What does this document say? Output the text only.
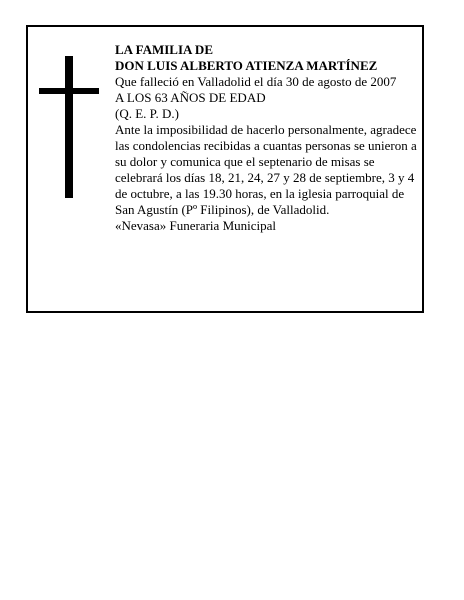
LA FAMILIA DE

DON LUIS ALBERTO ATIENZA MARTÍNEZ

Que falleció en Valladolid el día 30 de agosto de 2007

A LOS 63 AÑOS DE EDAD

(Q. E. P. D.)

Ante la imposibilidad de hacerlo personalmente, agradece las condolencias recibidas a cuantas personas se unieron a su dolor y comunica que el septenario de misas se celebrará los días 18, 21, 24, 27 y 28 de septiembre, 3 y 4 de octubre, a las 19.30 horas, en la iglesia parroquial de San Agustín (Pº Filipinos), de Valladolid.

«Nevasa» Funeraria Municipal
